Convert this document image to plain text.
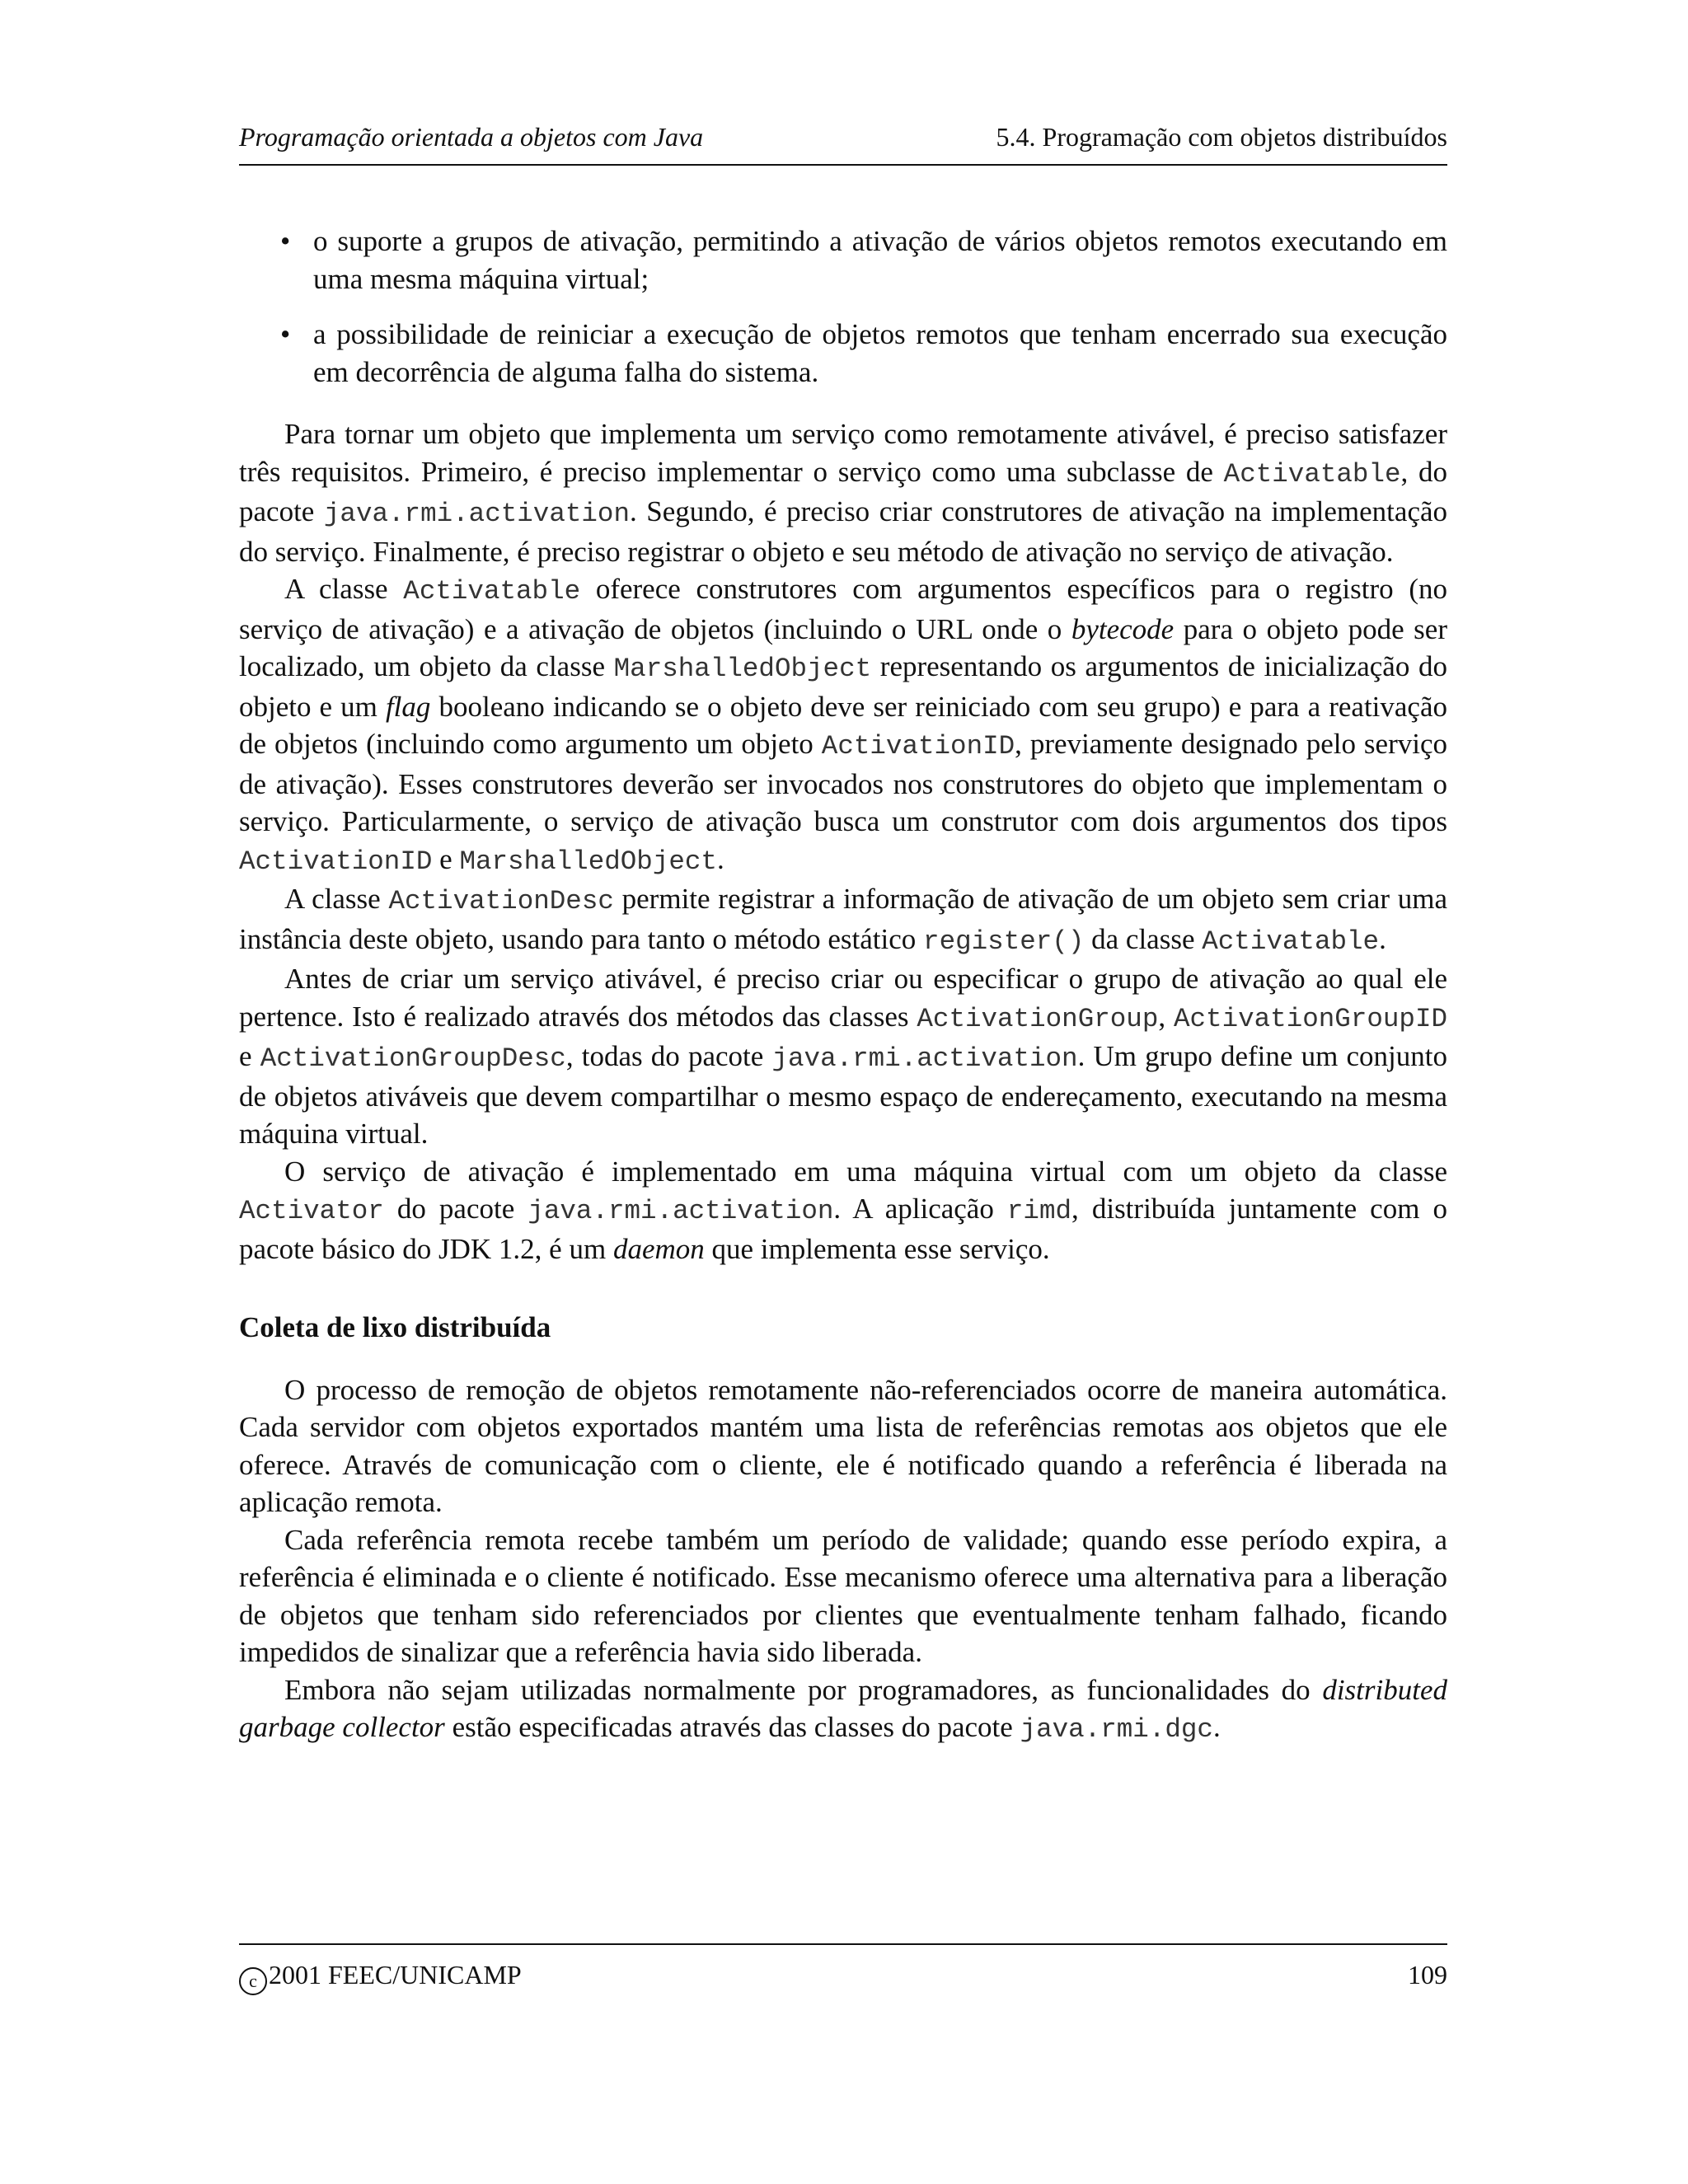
Programação orientada a objetos com Java	5.4. Programação com objetos distribuídos
• o suporte a grupos de ativação, permitindo a ativação de vários objetos remotos executando em uma mesma máquina virtual;
• a possibilidade de reiniciar a execução de objetos remotos que tenham encerrado sua execução em decorrência de alguma falha do sistema.

Para tornar um objeto que implementa um serviço como remotamente ativável, é preciso satisfazer três requisitos. Primeiro, é preciso implementar o serviço como uma subclasse de Activatable, do pacote java.rmi.activation. Segundo, é preciso criar construtores de ativação na implementação do serviço. Finalmente, é preciso registrar o objeto e seu método de ativação no serviço de ativação.

A classe Activatable oferece construtores com argumentos específicos para o registro (no serviço de ativação) e a ativação de objetos (incluindo o URL onde o bytecode para o objeto pode ser localizado, um objeto da classe MarshalledObject representando os argumentos de inicialização do objeto e um flag booleano indicando se o objeto deve ser reiniciado com seu grupo) e para a reativação de objetos (incluindo como argumento um objeto ActivationID, previamente designado pelo serviço de ativação). Esses construtores deverão ser invocados nos construtores do objeto que implementam o serviço. Particularmente, o serviço de ativação busca um construtor com dois argumentos dos tipos ActivationID e MarshalledObject.

A classe ActivationDesc permite registrar a informação de ativação de um objeto sem criar uma instância deste objeto, usando para tanto o método estático register() da classe Activatable.

Antes de criar um serviço ativável, é preciso criar ou especificar o grupo de ativação ao qual ele pertence. Isto é realizado através dos métodos das classes ActivationGroup, ActivationGroupID e ActivationGroupDesc, todas do pacote java.rmi.activation. Um grupo define um conjunto de objetos ativáveis que devem compartilhar o mesmo espaço de endereçamento, executando na mesma máquina virtual.

O serviço de ativação é implementado em uma máquina virtual com um objeto da classe Activator do pacote java.rmi.activation. A aplicação rimd, distribuída juntamente com o pacote básico do JDK 1.2, é um daemon que implementa esse serviço.

Coleta de lixo distribuída

O processo de remoção de objetos remotamente não-referenciados ocorre de maneira automática. Cada servidor com objetos exportados mantém uma lista de referências remotas aos objetos que ele oferece. Através de comunicação com o cliente, ele é notificado quando a referência é liberada na aplicação remota.

Cada referência remota recebe também um período de validade; quando esse período expira, a referência é eliminada e o cliente é notificado. Esse mecanismo oferece uma alternativa para a liberação de objetos que tenham sido referenciados por clientes que eventualmente tenham falhado, ficando impedidos de sinalizar que a referência havia sido liberada.

Embora não sejam utilizadas normalmente por programadores, as funcionalidades do distributed garbage collector estão especificadas através das classes do pacote java.rmi.dgc.

c 2001 FEEC/UNICAMP	109
